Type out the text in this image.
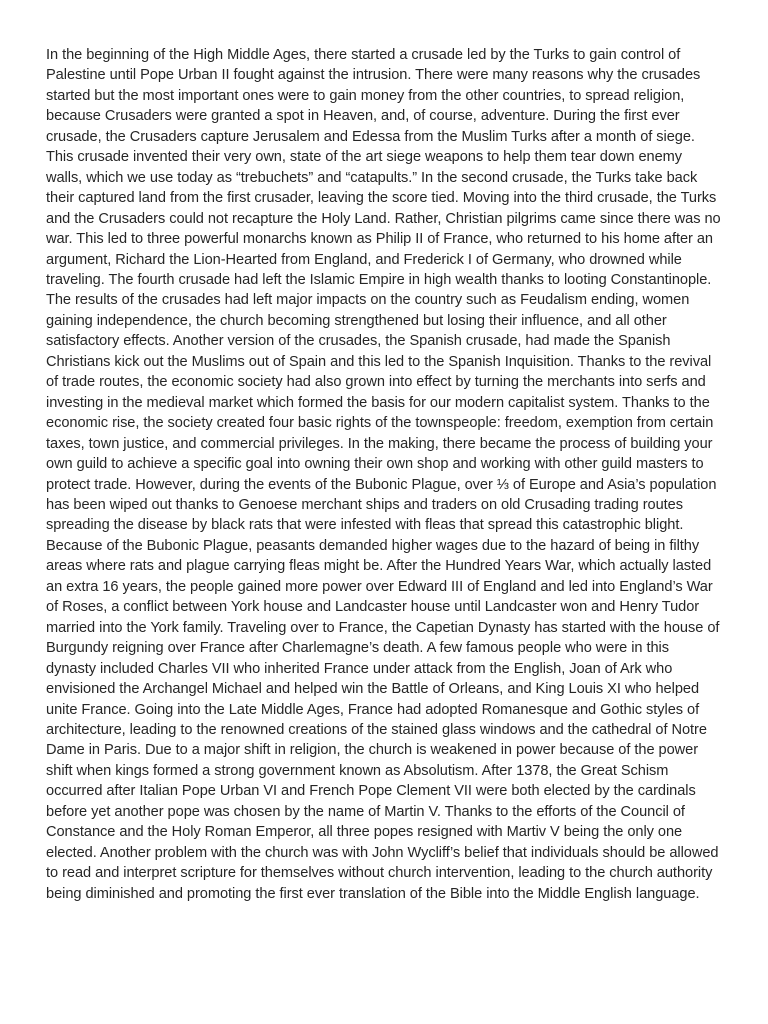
In the beginning of the High Middle Ages, there started a crusade led by the Turks to gain control of Palestine until Pope Urban II fought against the intrusion. There were many reasons why the crusades started but the most important ones were to gain money from the other countries, to spread religion, because Crusaders were granted a spot in Heaven, and, of course, adventure. During the first ever crusade, the Crusaders capture Jerusalem and Edessa from the Muslim Turks after a month of siege. This crusade invented their very own, state of the art siege weapons to help them tear down enemy walls, which we use today as “trebuchets” and “catapults.” In the second crusade, the Turks take back their captured land from the first crusader, leaving the score tied. Moving into the third crusade, the Turks and the Crusaders could not recapture the Holy Land. Rather, Christian pilgrims came since there was no war. This led to three powerful monarchs known as Philip II of France, who returned to his home after an argument, Richard the Lion-Hearted from England, and Frederick I of Germany, who drowned while traveling. The fourth crusade had left the Islamic Empire in high wealth thanks to looting Constantinople. The results of the crusades had left major impacts on the country such as Feudalism ending, women gaining independence, the church becoming strengthened but losing their influence, and all other satisfactory effects. Another version of the crusades, the Spanish crusade, had made the Spanish Christians kick out the Muslims out of Spain and this led to the Spanish Inquisition. Thanks to the revival of trade routes, the economic society had also grown into effect by turning the merchants into serfs and investing in the medieval market which formed the basis for our modern capitalist system. Thanks to the economic rise, the society created four basic rights of the townspeople: freedom, exemption from certain taxes, town justice, and commercial privileges. In the making, there became the process of building your own guild to achieve a specific goal into owning their own shop and working with other guild masters to protect trade. However, during the events of the Bubonic Plague, over ⅓ of Europe and Asia’s population has been wiped out thanks to Genoese merchant ships and traders on old Crusading trading routes spreading the disease by black rats that were infested with fleas that spread this catastrophic blight. Because of the Bubonic Plague, peasants demanded higher wages due to the hazard of being in filthy areas where rats and plague carrying fleas might be. After the Hundred Years War, which actually lasted an extra 16 years, the people gained more power over Edward III of England and led into England’s War of Roses, a conflict between York house and Landcaster house until Landcaster won and Henry Tudor married into the York family. Traveling over to France, the Capetian Dynasty has started with the house of Burgundy reigning over France after Charlemagne’s death. A few famous people who were in this dynasty included Charles VII who inherited France under attack from the English, Joan of Ark who envisioned the Archangel Michael and helped win the Battle of Orleans, and King Louis XI who helped unite France. Going into the Late Middle Ages, France had adopted Romanesque and Gothic styles of architecture, leading to the renowned creations of the stained glass windows and the cathedral of Notre Dame in Paris. Due to a major shift in religion, the church is weakened in power because of the power shift when kings formed a strong government known as Absolutism. After 1378, the Great Schism occurred after Italian Pope Urban VI and French Pope Clement VII were both elected by the cardinals before yet another pope was chosen by the name of Martin V. Thanks to the efforts of the Council of Constance and the Holy Roman Emperor, all three popes resigned with Martiv V being the only one elected. Another problem with the church was with John Wycliff’s belief that individuals should be allowed to read and interpret scripture for themselves without church intervention, leading to the church authority being diminished and promoting the first ever translation of the Bible into the Middle English language.
